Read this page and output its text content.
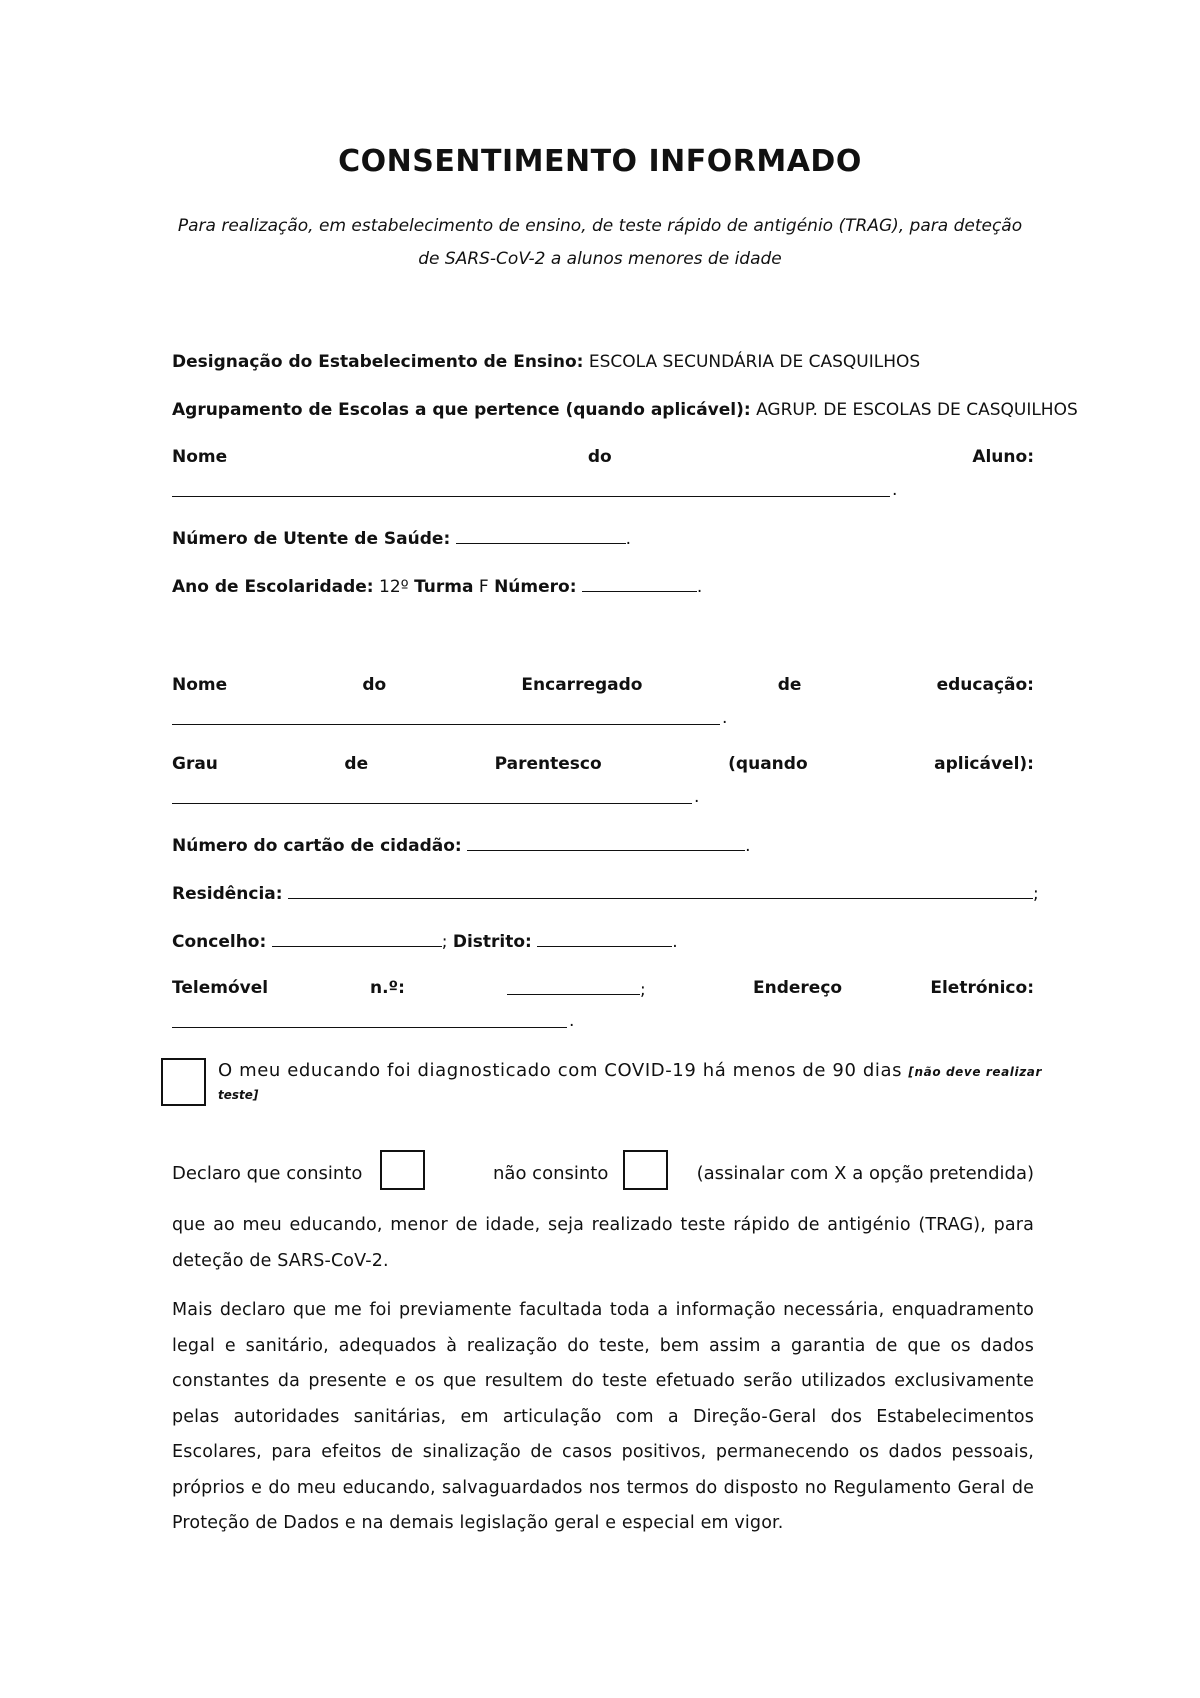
CONSENTIMENTO INFORMADO
Para realização, em estabelecimento de ensino, de teste rápido de antigénio (TRAG), para deteção de SARS-CoV-2 a alunos menores de idade
Designação do Estabelecimento de Ensino: ESCOLA SECUNDÁRIA DE CASQUILHOS
Agrupamento de Escolas a que pertence (quando aplicável): AGRUP. DE ESCOLAS DE CASQUILHOS
Nome	do	Aluno:
.
Número de Utente de Saúde:	.
Ano de Escolaridade: 12º Turma F Número:	.
Nome	do	Encarregado	de	educação:
.
Grau	de	Parentesco	(quando	aplicável):
.
Número do cartão de cidadão:	.
Residência:	;
Concelho:	; Distrito:	.
Telemóvel	n.º:	;	Endereço	Eletrónico:
.
O meu educando foi diagnosticado com COVID-19 há menos de 90 dias [não deve realizar
teste]
Declaro que consinto	não consinto	(assinalar com X a opção pretendida)
que ao meu educando, menor de idade, seja realizado teste rápido de antigénio (TRAG), para deteção de SARS-CoV-2.
Mais declaro que me foi previamente facultada toda a informação necessária, enquadramento legal e sanitário, adequados à realização do teste, bem assim a garantia de que os dados constantes da presente e os que resultem do teste efetuado serão utilizados exclusivamente pelas autoridades sanitárias, em articulação com a Direção-Geral dos Estabelecimentos Escolares, para efeitos de sinalização de casos positivos, permanecendo os dados pessoais, próprios e do meu educando, salvaguardados nos termos do disposto no Regulamento Geral de Proteção de Dados e na demais legislação geral e especial em vigor.
